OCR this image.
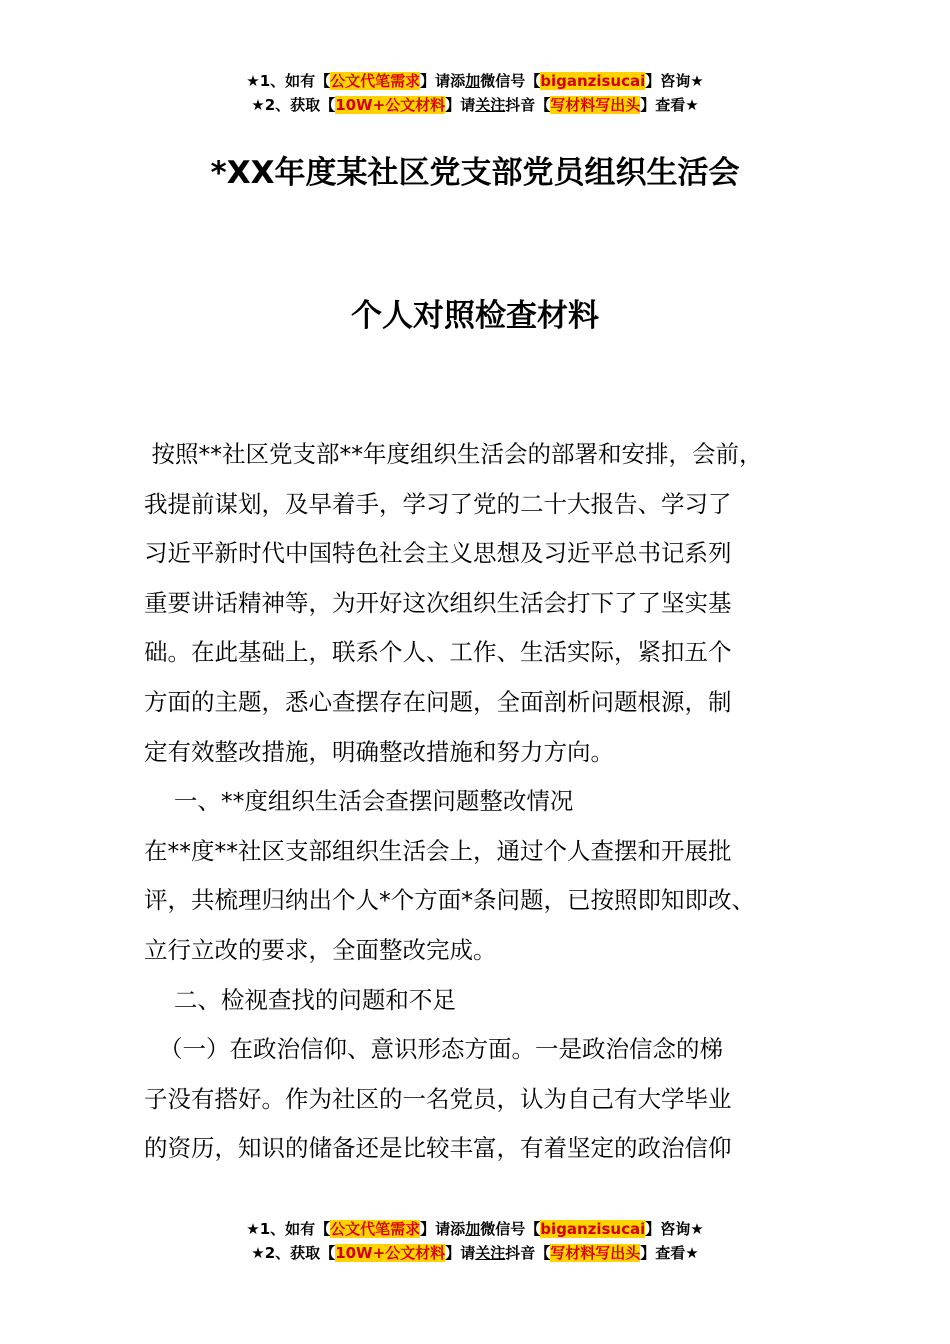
★1、如有【公文代笔需求】请添加微信号【biganzisucai】咨询★
★2、获取【10W+公文材料】请关注抖音【写材料写出头】查看★
*XX年度某社区党支部党员组织生活会
个人对照检查材料
按照**社区党支部**年度组织生活会的部署和安排，会前，
我提前谋划，及早着手，学习了党的二十大报告、学习了
习近平新时代中国特色社会主义思想及习近平总书记系列
重要讲话精神等，为开好这次组织生活会打下了了坚实基
础。在此基础上，联系个人、工作、生活实际，紧扣五个
方面的主题，悉心查摆存在问题，全面剖析问题根源，制
定有效整改措施，明确整改措施和努力方向。
一、**度组织生活会查摆问题整改情况
在**度**社区支部组织生活会上，通过个人查摆和开展批
评，共梳理归纳出个人*个方面*条问题，已按照即知即改、
立行立改的要求，全面整改完成。
二、检视查找的问题和不足
（一）在政治信仰、意识形态方面。一是政治信念的梯
子没有搭好。作为社区的一名党员，认为自己有大学毕业
的资历，知识的储备还是比较丰富，有着坚定的政治信仰
★1、如有【公文代笔需求】请添加微信号【biganzisucai】咨询★
★2、获取【10W+公文材料】请关注抖音【写材料写出头】查看★
